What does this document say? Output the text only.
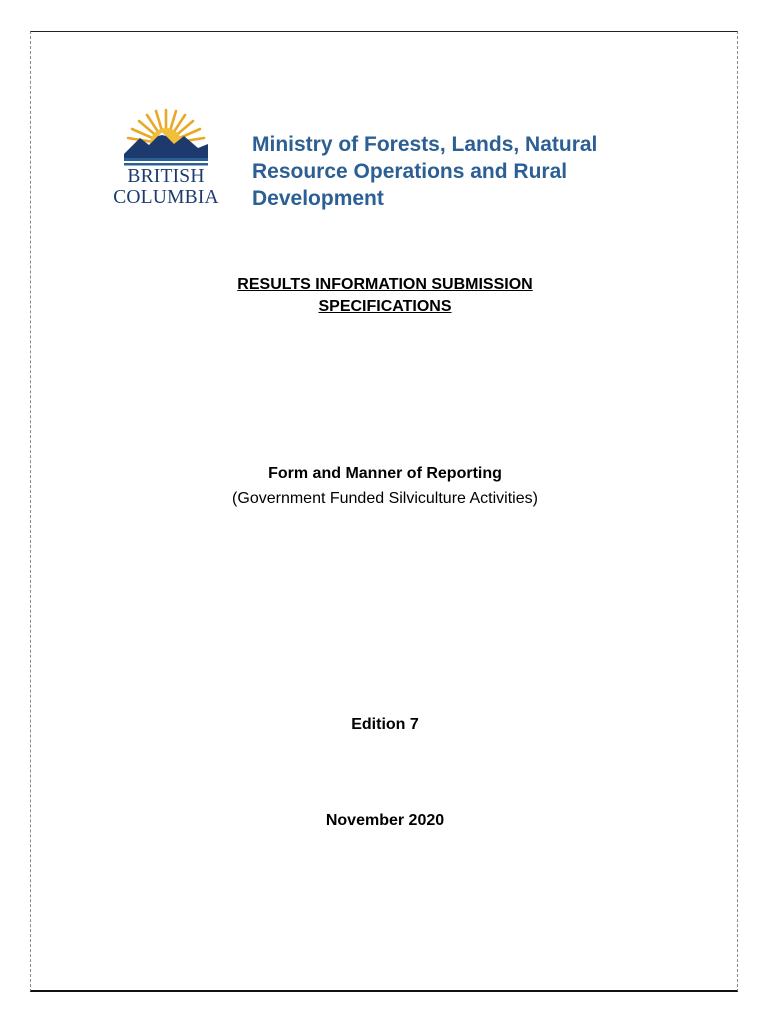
BRITISH
COLUMBIA
Ministry of Forests, Lands, Natural
Resource Operations and Rural
Development
RESULTS INFORMATION SUBMISSION
SPECIFICATIONS
Form and Manner of Reporting
(Government Funded Silviculture Activities)
Edition 7
November 2020
